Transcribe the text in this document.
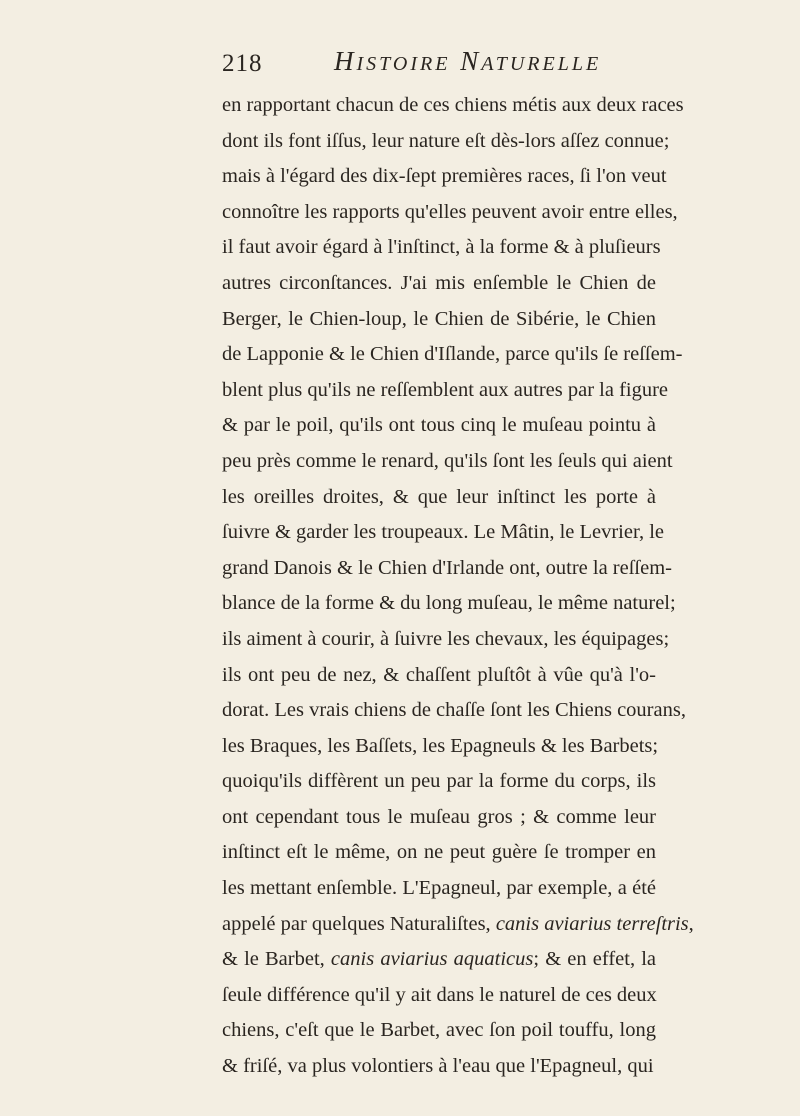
218	HISTOIRE NATURELLE
en rapportant chacun de ces chiens métis aux deux races
dont ils font iſſus, leur nature eſt dès-lors aſſez connue;
mais à l'égard des dix-ſept premières races, ſi l'on veut
connoître les rapports qu'elles peuvent avoir entre elles,
il faut avoir égard à l'inſtinct, à la forme & à pluſieurs
autres circonſtances. J'ai mis enſemble le Chien de
Berger, le Chien-loup, le Chien de Sibérie, le Chien
de Lapponie & le Chien d'Iſlande, parce qu'ils ſe reſſem-
blent plus qu'ils ne reſſemblent aux autres par la figure
& par le poil, qu'ils ont tous cinq le muſeau pointu à
peu près comme le renard, qu'ils ſont les ſeuls qui aient
les oreilles droites, & que leur inſtinct les porte à
ſuivre & garder les troupeaux. Le Mâtin, le Levrier, le
grand Danois & le Chien d'Irlande ont, outre la reſſem-
blance de la forme & du long muſeau, le même naturel;
ils aiment à courir, à ſuivre les chevaux, les équipages;
ils ont peu de nez, & chaſſent pluſtôt à vûe qu'à l'o-
dorat. Les vrais chiens de chaſſe ſont les Chiens courans,
les Braques, les Baſſets, les Epagneuls & les Barbets;
quoiqu'ils diffèrent un peu par la forme du corps, ils
ont cependant tous le muſeau gros ; & comme leur
inſtinct eſt le même, on ne peut guère ſe tromper en
les mettant enſemble. L'Epagneul, par exemple, a été
appelé par quelques Naturaliſtes, canis aviarius terreſtris,
& le Barbet, canis aviarius aquaticus; & en effet, la
ſeule différence qu'il y ait dans le naturel de ces deux
chiens, c'eſt que le Barbet, avec ſon poil touffu, long
& friſé, va plus volontiers à l'eau que l'Epagneul, qui
